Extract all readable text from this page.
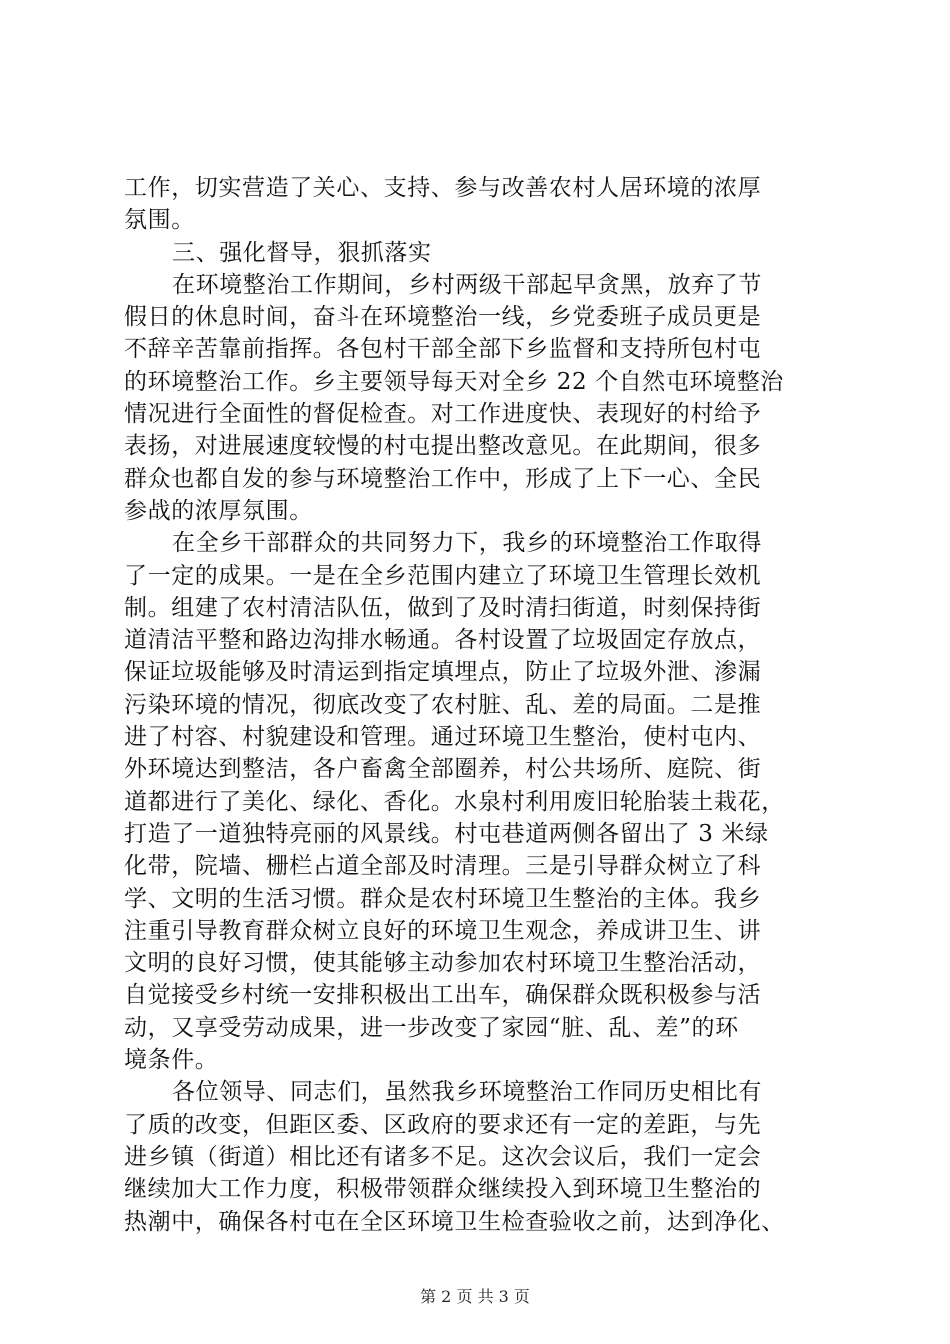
工作，切实营造了关心、支持、参与改善农村人居环境的浓厚
氛围。
三、强化督导，狠抓落实
在环境整治工作期间，乡村两级干部起早贪黑，放弃了节
假日的休息时间，奋斗在环境整治一线，乡党委班子成员更是
不辞辛苦靠前指挥。各包村干部全部下乡监督和支持所包村屯
的环境整治工作。乡主要领导每天对全乡 22 个自然屯环境整治
情况进行全面性的督促检查。对工作进度快、表现好的村给予
表扬，对进展速度较慢的村屯提出整改意见。在此期间，很多
群众也都自发的参与环境整治工作中，形成了上下一心、全民
参战的浓厚氛围。
在全乡干部群众的共同努力下，我乡的环境整治工作取得
了一定的成果。一是在全乡范围内建立了环境卫生管理长效机
制。组建了农村清洁队伍，做到了及时清扫街道，时刻保持街
道清洁平整和路边沟排水畅通。各村设置了垃圾固定存放点，
保证垃圾能够及时清运到指定填埋点，防止了垃圾外泄、渗漏
污染环境的情况，彻底改变了农村脏、乱、差的局面。二是推
进了村容、村貌建设和管理。通过环境卫生整治，使村屯内、
外环境达到整洁，各户畜禽全部圈养，村公共场所、庭院、街
道都进行了美化、绿化、香化。水泉村利用废旧轮胎装土栽花，
打造了一道独特亮丽的风景线。村屯巷道两侧各留出了 3 米绿
化带，院墙、栅栏占道全部及时清理。三是引导群众树立了科
学、文明的生活习惯。群众是农村环境卫生整治的主体。我乡
注重引导教育群众树立良好的环境卫生观念，养成讲卫生、讲
文明的良好习惯，使其能够主动参加农村环境卫生整治活动，
自觉接受乡村统一安排积极出工出车，确保群众既积极参与活
动，又享受劳动成果，进一步改变了家园“脏、乱、差”的环
境条件。
各位领导、同志们，虽然我乡环境整治工作同历史相比有
了质的改变，但距区委、区政府的要求还有一定的差距，与先
进乡镇（街道）相比还有诸多不足。这次会议后，我们一定会
继续加大工作力度，积极带领群众继续投入到环境卫生整治的
热潮中，确保各村屯在全区环境卫生检查验收之前，达到净化、
第 2 页 共 3 页
